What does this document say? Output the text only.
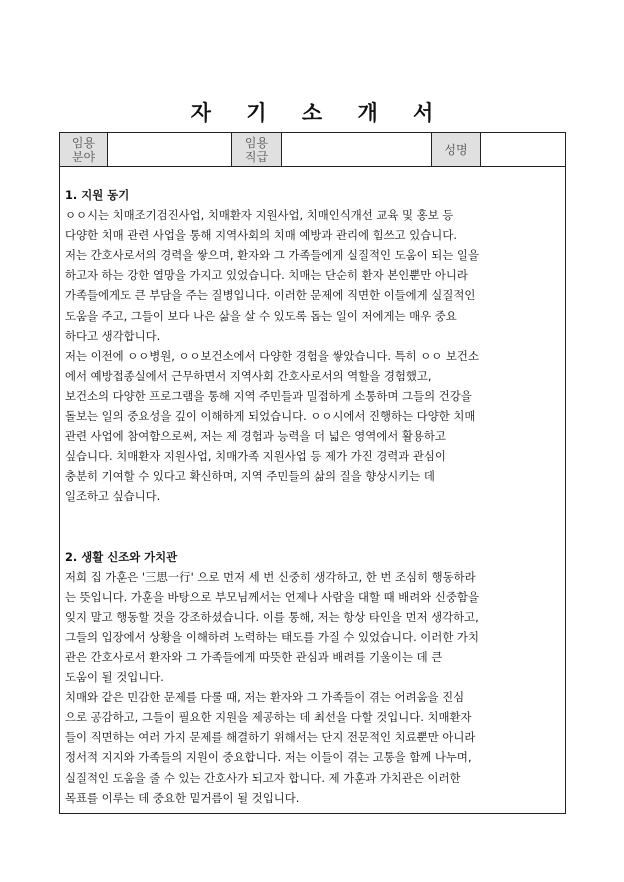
자 기 소 개 서
임용
분야
임용
직급	성명

1. 지원 동기

ㅇㅇ시는 치매조기검진사업, 치매환자 지원사업, 치매인식개선 교육 및 홍보 등

다양한 치매 관련 사업을 통해 지역사회의 치매 예방과 관리에 힘쓰고 있습니다.

저는 간호사로서의 경력을 쌓으며, 환자와 그 가족들에게 실질적인 도움이 되는 일을

하고자 하는 강한 열망을 가지고 있었습니다. 치매는 단순히 환자 본인뿐만 아니라

가족들에게도 큰 부담을 주는 질병입니다. 이러한 문제에 직면한 이들에게 실질적인

도움을 주고, 그들이 보다 나은 삶을 살 수 있도록 돕는 일이 저에게는 매우 중요

하다고 생각합니다.

저는 이전에 ㅇㅇ병원, ㅇㅇ보건소에서 다양한 경험을 쌓았습니다. 특히 ㅇㅇ 보건소

에서 예방접종실에서 근무하면서 지역사회 간호사로서의 역할을 경험했고,

보건소의 다양한 프로그램을 통해 지역 주민들과 밀접하게 소통하며 그들의 건강을

돌보는 일의 중요성을 깊이 이해하게 되었습니다. ㅇㅇ시에서 진행하는 다양한 치매

관련 사업에 참여함으로써, 저는 제 경험과 능력을 더 넓은 영역에서 활용하고

싶습니다. 치매환자 지원사업, 치매가족 지원사업 등 제가 가진 경력과 관심이

충분히 기여할 수 있다고 확신하며, 지역 주민들의 삶의 질을 향상시키는 데

일조하고 싶습니다.

2. 생활 신조와 가치관

저희 집 가훈은 '三思一行' 으로 먼저 세 번 신중히 생각하고, 한 번 조심히 행동하라

는 뜻입니다. 가훈을 바탕으로 부모님께서는 언제나 사람을 대할 때 배려와 신중함을

잊지 말고 행동할 것을 강조하셨습니다. 이를 통해, 저는 항상 타인을 먼저 생각하고,

그들의 입장에서 상황을 이해하려 노력하는 태도를 가질 수 있었습니다. 이러한 가치

관은 간호사로서 환자와 그 가족들에게 따뜻한 관심과 배려를 기울이는 데 큰

도움이 될 것입니다.

치매와 같은 민감한 문제를 다룰 때, 저는 환자와 그 가족들이 겪는 어려움을 진심

으로 공감하고, 그들이 필요한 지원을 제공하는 데 최선을 다할 것입니다. 치매환자

들이 직면하는 여러 가지 문제를 해결하기 위해서는 단지 전문적인 치료뿐만 아니라

정서적 지지와 가족들의 지원이 중요합니다. 저는 이들이 겪는 고통을 함께 나누며,

실질적인 도움을 줄 수 있는 간호사가 되고자 합니다. 제 가훈과 가치관은 이러한

목표를 이루는 데 중요한 밑거름이 될 것입니다.
